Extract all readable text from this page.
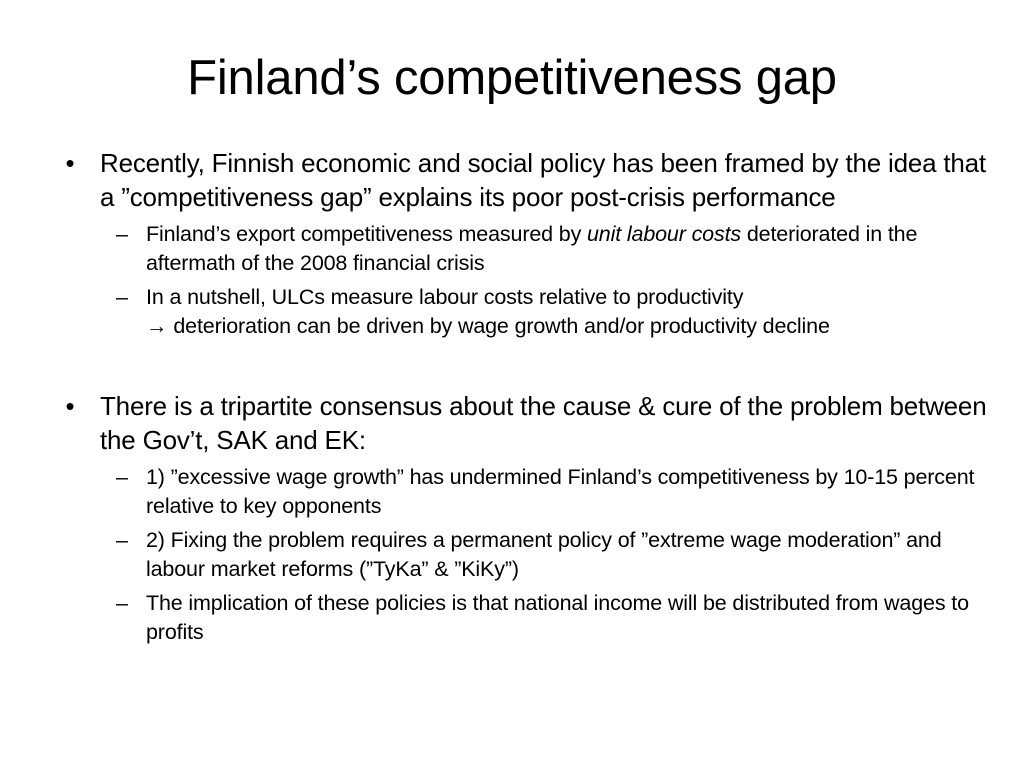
Finland’s competitiveness gap
• Recently, Finnish economic and social policy has been framed by the idea that a ”competitiveness gap” explains its poor post-crisis performance
– Finland’s export competitiveness measured by unit labour costs deteriorated in the aftermath of the 2008 financial crisis
– In a nutshell, ULCs measure labour costs relative to productivity
→ deterioration can be driven by wage growth and/or productivity decline
• There is a tripartite consensus about the cause & cure of the problem between the Gov’t, SAK and EK:
– 1) ”excessive wage growth” has undermined Finland’s competitiveness by 10-15 percent relative to key opponents
– 2) Fixing the problem requires a permanent policy of ”extreme wage moderation” and labour market reforms (”TyKa” & ”KiKy”)
– The implication of these policies is that national income will be distributed from wages to profits
